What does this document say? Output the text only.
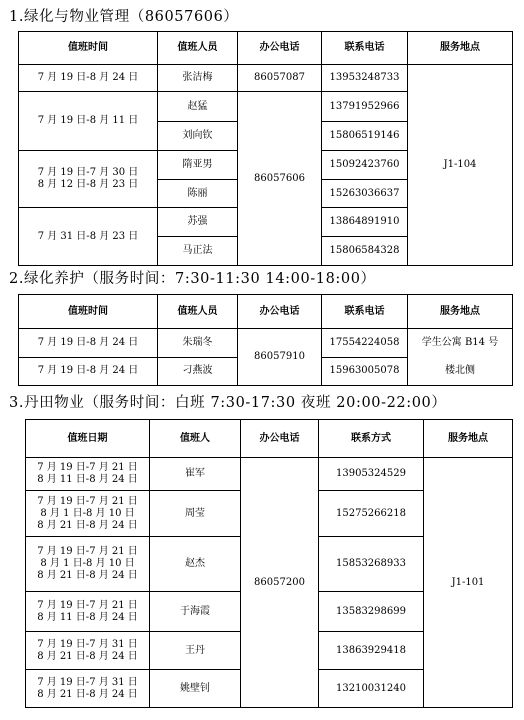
1.绿化与物业管理（86057606）
值班时间	值班人员	办公电话	联系电话	服务地点
7 月 19 日-8 月 24 日	张洁梅	86057087	13953248733	J1-104
7 月 19 日-8 月 11 日	赵猛	86057606	13791952966	
	刘向钦		15806519146	

7 月 19 日-7 月 30 日
8 月 12 日-8 月 23 日	隋亚男		15092423760	
	陈丽		15263036637	
7 月 31 日-8 月 23 日	苏强		13864891910	
	马正法		15806584328	
2.绿化养护（服务时间：7:30-11:30 14:00-18:00）
值班时间	值班人员	办公电话	联系电话	服务地点
7 月 19 日-8 月 24 日	朱瑞冬	86057910	17554224058	学生公寓 B14 号
楼北侧

7 月 19 日-8 月 24 日	刁燕波		15963005078	
3.丹田物业（服务时间：白班 7:30-17:30 夜班 20:00-22:00）
值班日期	值班人	办公电话	联系方式	服务地点

7 月 19 日-7 月 21 日
8 月 11 日-8 月 24 日	崔军	86057200	13905324529	J1-101

7 月 19 日-7 月 21 日
8 月 1 日-8 月 10 日
8 月 21 日-8 月 24 日	周莹		15275266218	

7 月 19 日-7 月 21 日
8 月 1 日-8 月 10 日
8 月 21 日-8 月 24 日	赵杰		15853268933	

7 月 19 日-7 月 21 日
8 月 11 日-8 月 24 日	于海霞		13583298699	

7 月 19 日-7 月 31 日
8 月 21 日-8 月 24 日	王丹		13863929418	

7 月 19 日-7 月 31 日
8 月 21 日-8 月 24 日	姚壁钊		13210031240	
